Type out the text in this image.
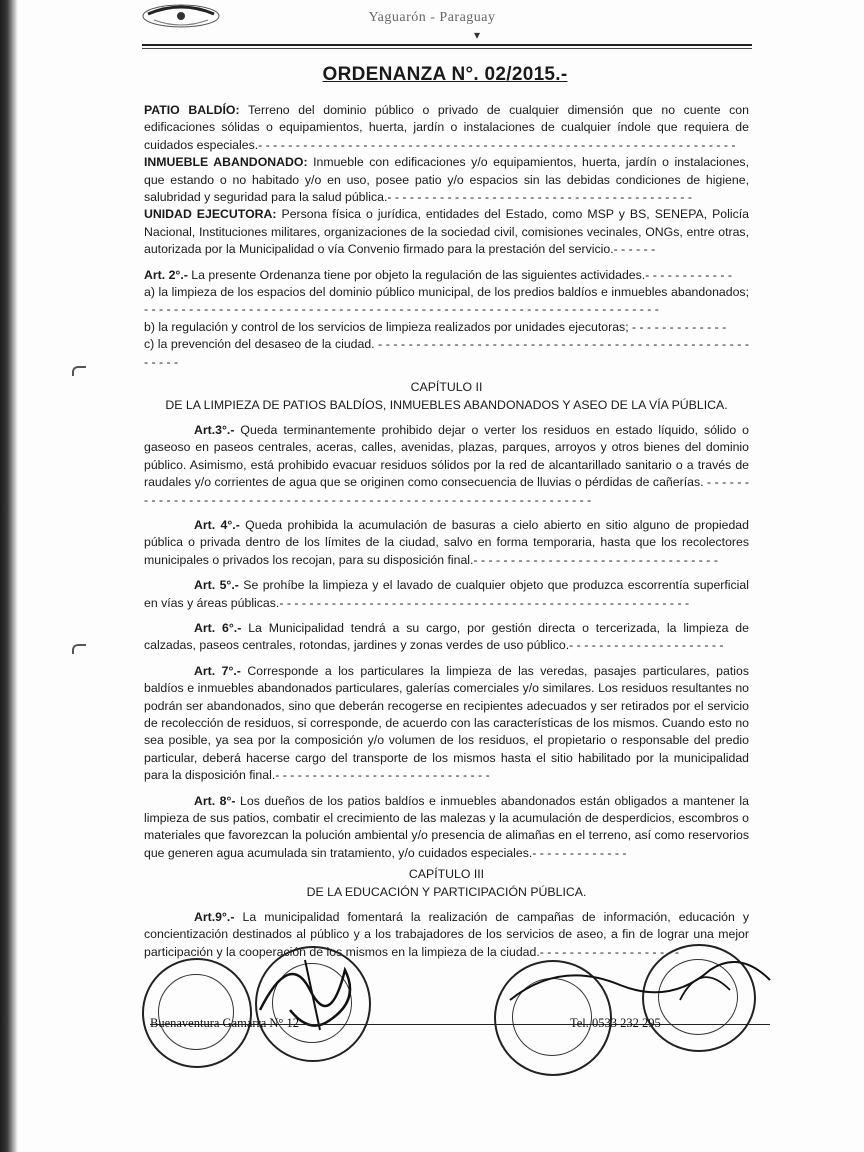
Yaguarón - Paraguay
▾
ORDENANZA N°. 02/2015.-

PATIO BALDÍO: Terreno del dominio público o privado de cualquier dimensión que no cuente con edificaciones sólidas o equipamientos, huerta, jardín o instalaciones de cualquier índole que requiera de cuidados especiales.- - - - - - - - - - - - - - - - - - - - - - - - - - - - - - - - - - - - - - - - - - - - - - - - - - - - - - - - - - - - - - - -

INMUEBLE ABANDONADO: Inmueble con edificaciones y/o equipamientos, huerta, jardín o instalaciones, que estando o no habitado y/o en uso, posee patio y/o espacios sin las debidas condiciones de higiene, salubridad y seguridad para la salud pública.- - - - - - - - - - - - - - - - - - - - - - - - - - - - - - - - - - - - - - - - -

UNIDAD EJECUTORA: Persona física o jurídica, entidades del Estado, como MSP y BS, SENEPA, Policía Nacional, Instituciones militares, organizaciones de la sociedad civil, comisiones vecinales, ONGs, entre otras, autorizada por la Municipalidad o vía Convenio firmado para la prestación del servicio.- - - - - -

Art. 2°.- La presente Ordenanza tiene por objeto la regulación de las siguientes actividades.- - - - - - - - - - - -

a) la limpieza de los espacios del dominio público municipal, de los predios baldíos e inmuebles abandonados; - - - - - - - - - - - - - - - - - - - - - - - - - - - - - - - - - - - - - - - - - - - - - - - - - - - - - - - - - - - - - - - - - - - - -

b) la regulación y control de los servicios de limpieza realizados por unidades ejecutoras; - - - - - - - - - - - - -

c) la prevención del desaseo de la ciudad. - - - - - - - - - - - - - - - - - - - - - - - - - - - - - - - - - - - - - - - - - - - - - - - - - - - - - -

CAPÍTULO II

DE LA LIMPIEZA DE PATIOS BALDÍOS, INMUEBLES ABANDONADOS Y ASEO DE LA VÍA PÚBLICA.

Art.3°.- Queda terminantemente prohibido dejar o verter los residuos en estado líquido, sólido o gaseoso en paseos centrales, aceras, calles, avenidas, plazas, parques, arroyos y otros bienes del dominio público. Asimismo, está prohibido evacuar residuos sólidos por la red de alcantarillado sanitario o a través de raudales y/o corrientes de agua que se originen como consecuencia de lluvias o pérdidas de cañerías. - - - - - - - - - - - - - - - - - - - - - - - - - - - - - - - - - - - - - - - - - - - - - - - - - - - - - - - - - - - - - - - - - -

Art. 4°.- Queda prohibida la acumulación de basuras a cielo abierto en sitio alguno de propiedad pública o privada dentro de los límites de la ciudad, salvo en forma temporaria, hasta que los recolectores municipales o privados los recojan, para su disposición final.- - - - - - - - - - - - - - - - - - - - - - - - - - - - - - - - -

Art. 5°.- Se prohíbe la limpieza y el lavado de cualquier objeto que produzca escorrentía superficial en vías y áreas públicas.- - - - - - - - - - - - - - - - - - - - - - - - - - - - - - - - - - - - - - - - - - - - - - - - - - - - - - -

Art. 6°.- La Municipalidad tendrá a su cargo, por gestión directa o tercerizada, la limpieza de calzadas, paseos centrales, rotondas, jardines y zonas verdes de uso público.- - - - - - - - - - - - - - - - - - - - -

Art. 7°.- Corresponde a los particulares la limpieza de las veredas, pasajes particulares, patios baldíos e inmuebles abandonados particulares, galerías comerciales y/o similares. Los residuos resultantes no podrán ser abandonados, sino que deberán recogerse en recipientes adecuados y ser retirados por el servicio de recolección de residuos, si corresponde, de acuerdo con las características de los mismos. Cuando esto no sea posible, ya sea por la composición y/o volumen de los residuos, el propietario o responsable del predio particular, deberá hacerse cargo del transporte de los mismos hasta el sitio habilitado por la municipalidad para la disposición final.- - - - - - - - - - - - - - - - - - - - - - - - - - - - -

Art. 8°- Los dueños de los patios baldíos e inmuebles abandonados están obligados a mantener la limpieza de sus patios, combatir el crecimiento de las malezas y la acumulación de desperdicios, escombros o materiales que favorezcan la polución ambiental y/o presencia de alimañas en el terreno, así como reservorios que generen agua acumulada sin tratamiento, y/o cuidados especiales.- - - - - - - - - - - - -

CAPÍTULO III

DE LA EDUCACIÓN Y PARTICIPACIÓN PÚBLICA.

Art.9°.- La municipalidad fomentará la realización de campañas de información, educación y concientización destinados al público y a los trabajadores de los servicios de aseo, a fin de lograr una mejor participación y la cooperación de los mismos en la limpieza de la ciudad.- - - - - - - - - - - - - - - - - - -

Buenaventura Gamarra N° 12	Tel. 0533 232 295
